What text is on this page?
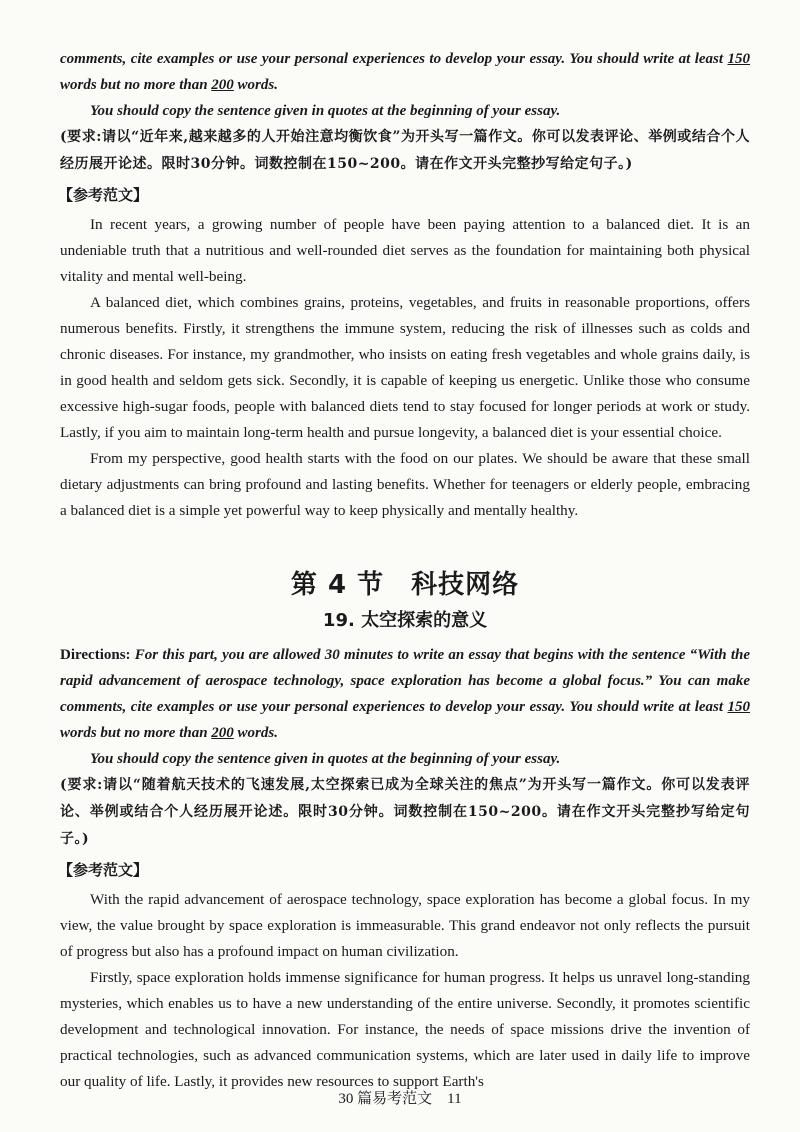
comments, cite examples or use your personal experiences to develop your essay. You should write at least 150 words but no more than 200 words.

You should copy the sentence given in quotes at the beginning of your essay.

(要求:请以“近年来,越来越多的人开始注意均衡饮食”为开头写一篇作文。你可以发表评论、举例或结合个人经历展开论述。限时30分钟。词数控制在150~200。请在作文开头完整抄写给定句子。)

【参考范文】

In recent years, a growing number of people have been paying attention to a balanced diet. It is an undeniable truth that a nutritious and well-rounded diet serves as the foundation for maintaining both physical vitality and mental well-being.

A balanced diet, which combines grains, proteins, vegetables, and fruits in reasonable proportions, offers numerous benefits. Firstly, it strengthens the immune system, reducing the risk of illnesses such as colds and chronic diseases. For instance, my grandmother, who insists on eating fresh vegetables and whole grains daily, is in good health and seldom gets sick. Secondly, it is capable of keeping us energetic. Unlike those who consume excessive high-sugar foods, people with balanced diets tend to stay focused for longer periods at work or study. Lastly, if you aim to maintain long-term health and pursue longevity, a balanced diet is your essential choice.

From my perspective, good health starts with the food on our plates. We should be aware that these small dietary adjustments can bring profound and lasting benefits. Whether for teenagers or elderly people, embracing a balanced diet is a simple yet powerful way to keep physically and mentally healthy.

第 4 节　科技网络
19. 太空探索的意义

Directions: For this part, you are allowed 30 minutes to write an essay that begins with the sentence “With the rapid advancement of aerospace technology, space exploration has become a global focus.” You can make comments, cite examples or use your personal experiences to develop your essay. You should write at least 150 words but no more than 200 words.

You should copy the sentence given in quotes at the beginning of your essay.

(要求:请以“随着航天技术的飞速发展,太空探索已成为全球关注的焦点”为开头写一篇作文。你可以发表评论、举例或结合个人经历展开论述。限时30分钟。词数控制在150~200。请在作文开头完整抄写给定句子。)

【参考范文】

With the rapid advancement of aerospace technology, space exploration has become a global focus. In my view, the value brought by space exploration is immeasurable. This grand endeavor not only reflects the pursuit of progress but also has a profound impact on human civilization.

Firstly, space exploration holds immense significance for human progress. It helps us unravel long-standing mysteries, which enables us to have a new understanding of the entire universe. Secondly, it promotes scientific development and technological innovation. For instance, the needs of space missions drive the invention of practical technologies, such as advanced communication systems, which are later used in daily life to improve our quality of life. Lastly, it provides new resources to support Earth's

30 篇易考范文　11
